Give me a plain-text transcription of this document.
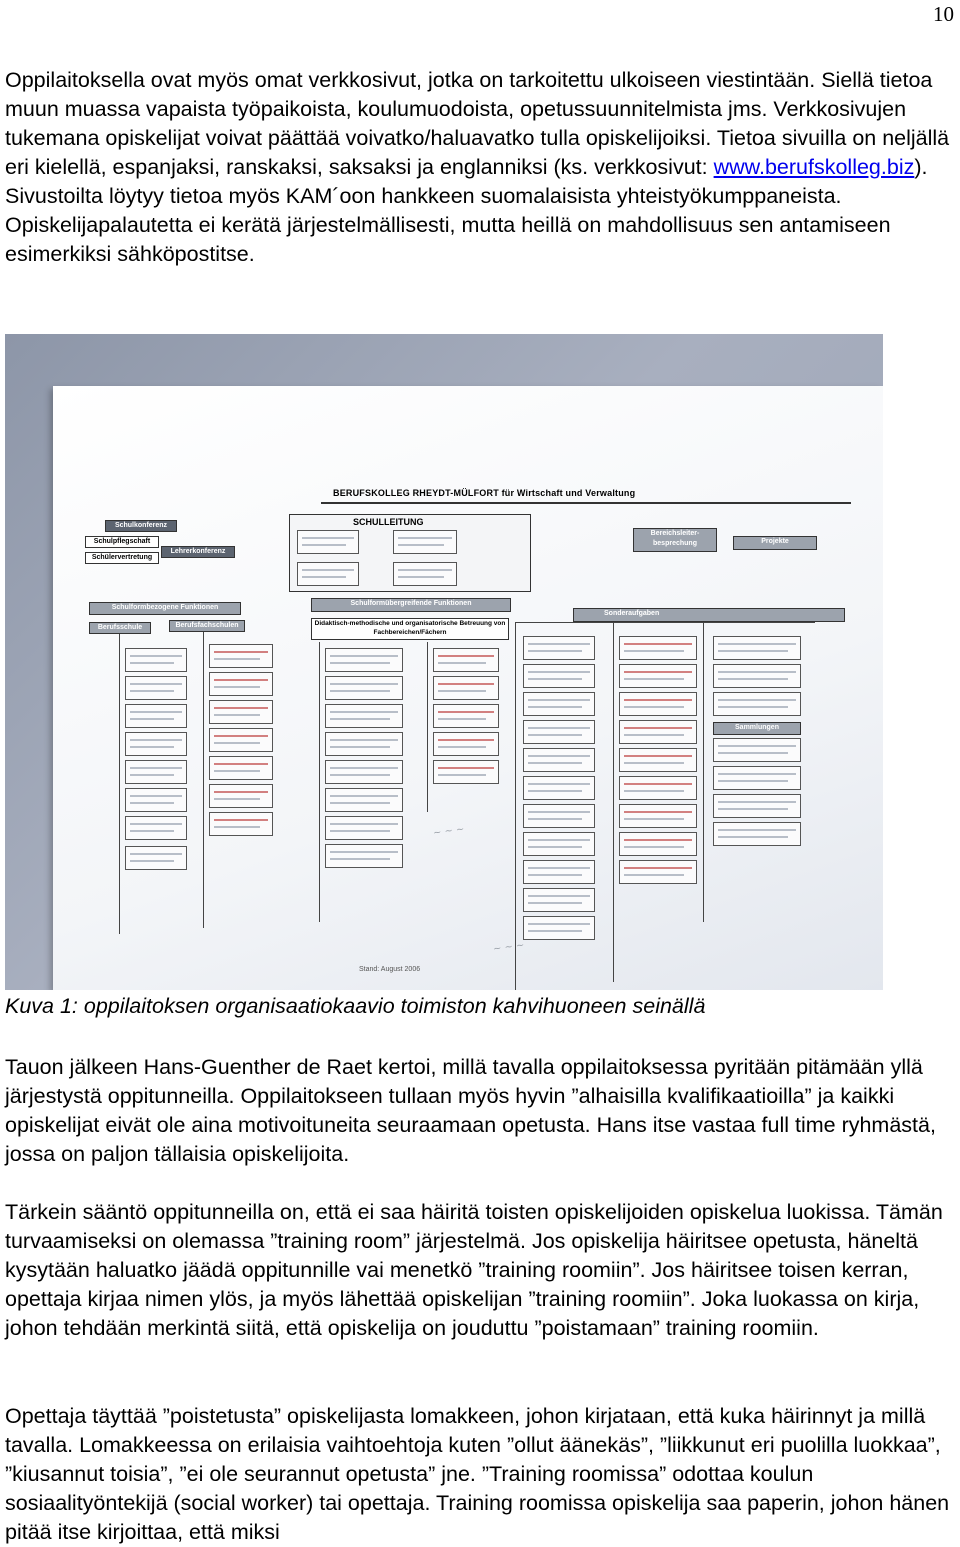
10

Oppilaitoksella ovat myös omat verkkosivut, jotka on tarkoitettu ulkoiseen viestintään. Siellä tietoa muun muassa vapaista työpaikoista, koulumuodoista, opetussuunnitelmista jms. Verkkosivujen tukemana opiskelijat voivat päättää voivatko/haluavatko tulla opiskelijoiksi. Tietoa sivuilla on neljällä eri kielellä, espanjaksi, ranskaksi, saksaksi ja englanniksi (ks. verkkosivut: www.berufskolleg.biz). Sivustoilta löytyy tietoa myös KAM´oon hankkeen suomalaisista yhteistyökumppaneista. Opiskelijapalautetta ei kerätä järjestelmällisesti, mutta heillä on mahdollisuus sen antamiseen esimerkiksi sähköpostitse.

BERUFSKOLLEG RHEYDT-MÜLFORT für Wirtschaft und Verwaltung
Schulkonferenz
Schulpflegschaft
Schülervertretung
Lehrerkonferenz
SCHULLEITUNG
Bereichsleiter-besprechung	Projekte
Schulformbezogene Funktionen
Schulformübergreifende Funktionen
Sonderaufgaben
Berufsschule	Berufsfachschulen	Didaktisch-methodische und organisatorische Betreuung von Fachbereichen/Fächern
Sammlungen
~ ~ ~
~ ~ ~
Stand: August 2006

Kuva 1: oppilaitoksen organisaatiokaavio toimiston kahvihuoneen seinällä

Tauon jälkeen Hans-Guenther de Raet kertoi, millä tavalla oppilaitoksessa pyritään pitämään yllä järjestystä oppitunneilla. Oppilaitokseen tullaan myös hyvin ”alhaisilla kvalifikaatioilla” ja kaikki opiskelijat eivät ole aina motivoituneita seuraamaan opetusta. Hans itse vastaa full time ryhmästä, jossa on paljon tällaisia opiskelijoita.

Tärkein sääntö oppitunneilla on, että ei saa häiritä toisten opiskelijoiden opiskelua luokissa. Tämän turvaamiseksi on olemassa ”training room” järjestelmä. Jos opiskelija häiritsee opetusta, häneltä kysytään haluatko jäädä oppitunnille vai menetkö ”training roomiin”. Jos häiritsee toisen kerran, opettaja kirjaa nimen ylös, ja myös lähettää opiskelijan ”training roomiin”. Joka luokassa on kirja, johon tehdään merkintä siitä, että opiskelija on jouduttu ”poistamaan” training roomiin.

Opettaja täyttää ”poistetusta” opiskelijasta lomakkeen, johon kirjataan, että kuka häirinnyt ja millä tavalla. Lomakkeessa on erilaisia vaihtoehtoja kuten ”ollut äänekäs”, ”liikkunut eri puolilla luokkaa”, ”kiusannut toisia”, ”ei ole seurannut opetusta” jne. ”Training roomissa” odottaa koulun sosiaalityöntekijä (social worker) tai opettaja. Training roomissa opiskelija saa paperin, johon hänen pitää itse kirjoittaa, että miksi
